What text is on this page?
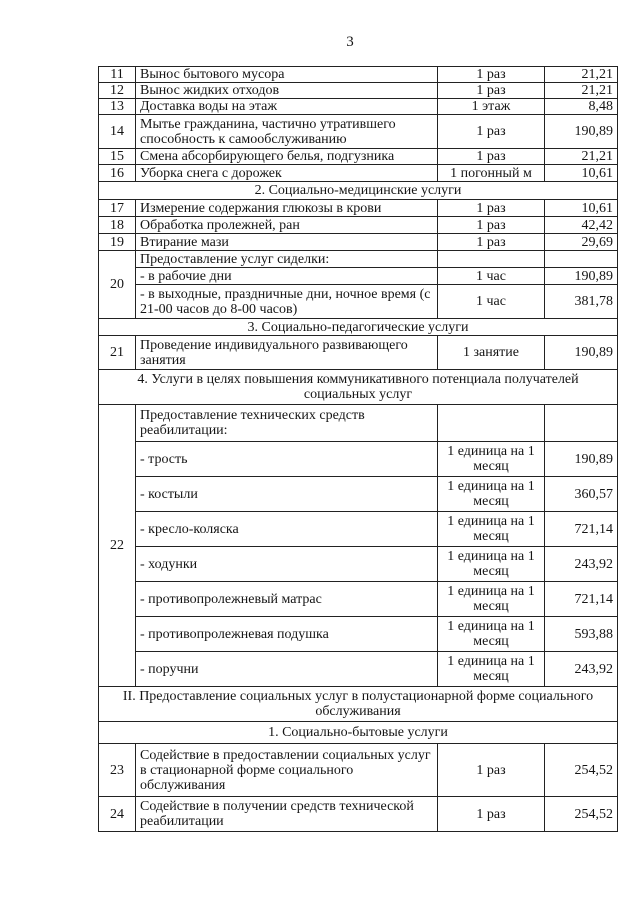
3
11	Вынос бытового мусора	1 раз	21,21
12	Вынос жидких отходов	1 раз	21,21
13	Доставка воды на этаж	1 этаж	8,48
14	Мытье гражданина, частично утратившего способность к самообслуживанию	1 раз	190,89
15	Смена абсорбирующего белья, подгузника	1 раз	21,21
16	Уборка снега с дорожек	1 погонный м	10,61
2. Социально-медицинские услуги			
17	Измерение содержания глюкозы в крови	1 раз	10,61
18	Обработка пролежней, ран	1 раз	42,42
19	Втирание мази	1 раз	29,69
20	Предоставление услуг сиделки:		
	- в рабочие дни	1 час	190,89
	- в выходные, праздничные дни, ночное время (с 21-00 часов до 8-00 часов)	1 час	381,78
3. Социально-педагогические услуги			
21	Проведение индивидуального развивающего занятия	1 занятие	190,89
4. Услуги в целях повышения коммуникативного потенциала получателей социальных услуг			
22	Предоставление технических средств реабилитации:		
	- трость	1 единица на 1 месяц	190,89
	- костыли	1 единица на 1 месяц	360,57
	- кресло-коляска	1 единица на 1 месяц	721,14
	- ходунки	1 единица на 1 месяц	243,92
	- противопролежневый матрас	1 единица на 1 месяц	721,14
	- противопролежневая подушка	1 единица на 1 месяц	593,88
	- поручни	1 единица на 1 месяц	243,92
II. Предоставление социальных услуг в полустационарной форме социального обслуживания			
1. Социально-бытовые услуги			
23	Содействие в предоставлении социальных услуг в стационарной форме социального обслуживания	1 раз	254,52
24	Содействие в получении средств технической реабилитации	1 раз	254,52
